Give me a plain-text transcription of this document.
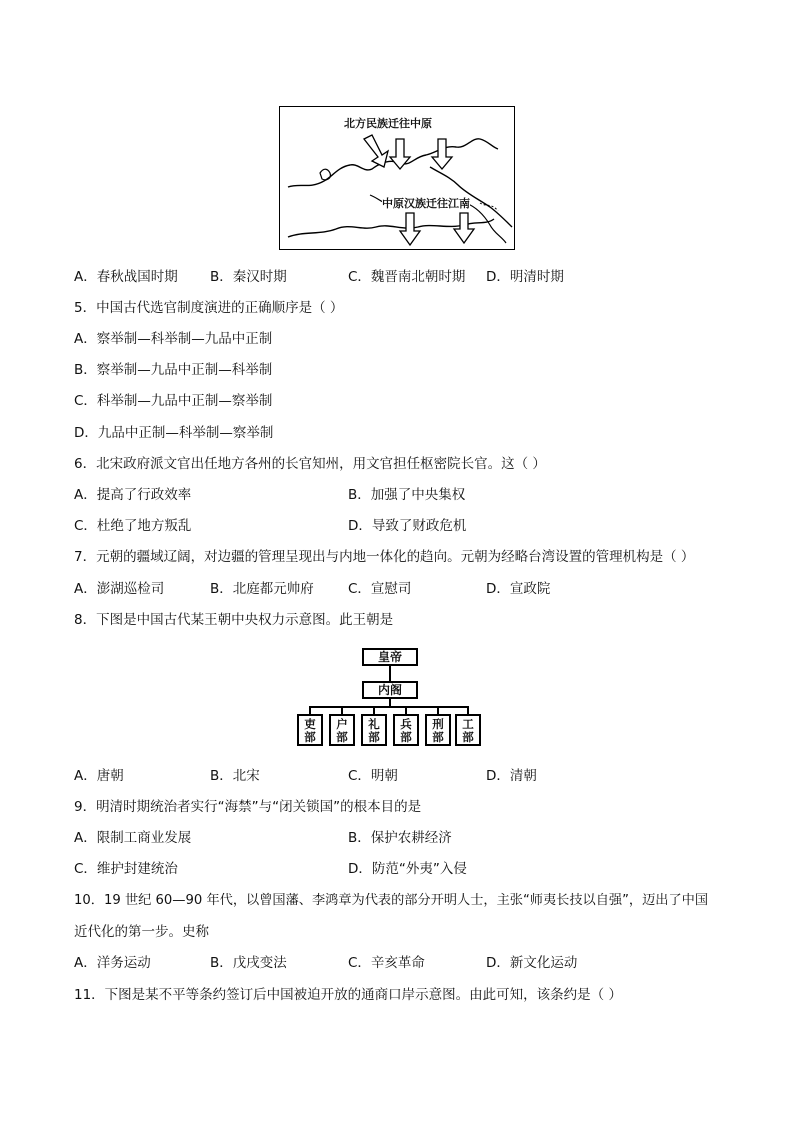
北方民族迁往中原
中原汉族迁往江南
A．春秋战国时期 B．秦汉时期	C．魏晋南北朝时期 D．明清时期
5．中国古代选官制度演进的正确顺序是（ ）
A．察举制—科举制—九品中正制
B．察举制—九品中正制—科举制
C．科举制—九品中正制—察举制
D．九品中正制—科举制—察举制
6．北宋政府派文官出任地方各州的长官知州，用文官担任枢密院长官。这（ ）
A．提高了行政效率	B．加强了中央集权
C．杜绝了地方叛乱	D．导致了财政危机
7．元朝的疆域辽阔，对边疆的管理呈现出与内地一体化的趋向。元朝为经略台湾设置的管理机构是（ ）
A．澎湖巡检司	B．北庭都元帅府	C．宣慰司	D．宣政院
8．下图是中国古代某王朝中央权力示意图。此王朝是
皇帝
内阁
吏
部
户
部
礼
部
兵
部
刑
部
工
部
A．唐朝	B．北宋	C．明朝	D．清朝
9．明清时期统治者实行“海禁”与“闭关锁国”的根本目的是
A．限制工商业发展	B．保护农耕经济
C．维护封建统治	D．防范“外夷”入侵
10．19 世纪 60—90 年代，以曾国藩、李鸿章为代表的部分开明人士，主张“师夷长技以自强”，迈出了中国
近代化的第一步。史称
A．洋务运动	B．戊戌变法	C．辛亥革命	D．新文化运动
11．下图是某不平等条约签订后中国被迫开放的通商口岸示意图。由此可知，该条约是（ ）
